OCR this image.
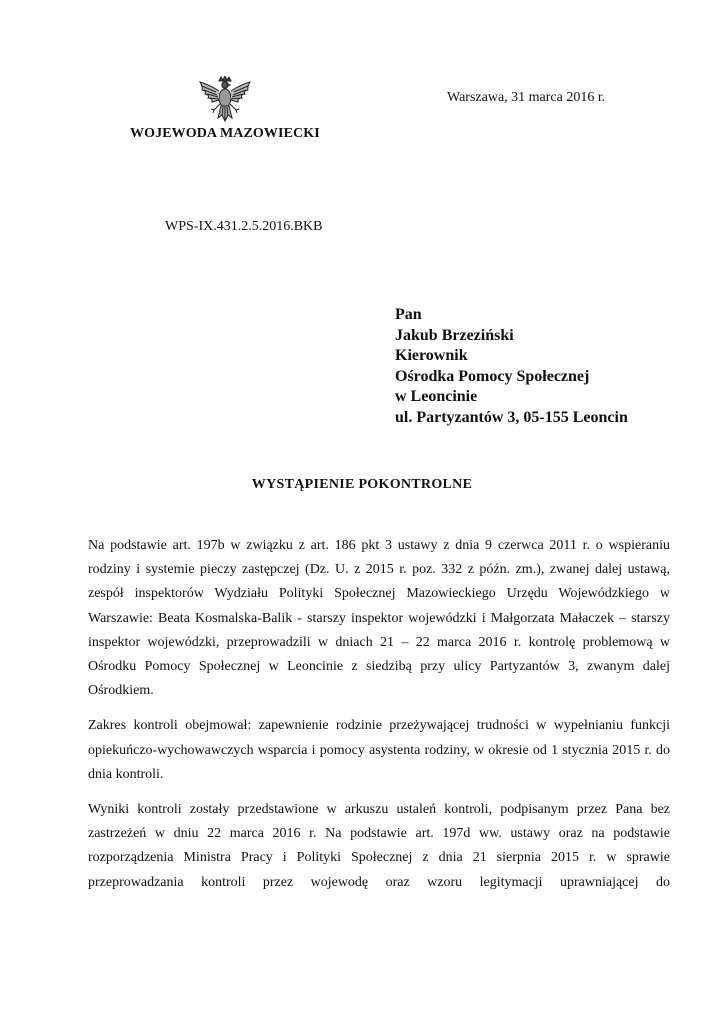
WOJEWODA MAZOWIECKI
Warszawa, 31 marca 2016 r.
WPS-IX.431.2.5.2016.BKB
Pan
Jakub Brzeziński
Kierownik
Ośrodka Pomocy Społecznej
w Leoncinie
ul. Partyzantów 3, 05-155 Leoncin
WYSTĄPIENIE POKONTROLNE

Na podstawie art. 197b w związku z art. 186 pkt 3 ustawy z dnia 9 czerwca 2011 r. o wspieraniu rodziny i systemie pieczy zastępczej (Dz. U. z 2015 r. poz. 332 z późn. zm.), zwanej dalej ustawą, zespół inspektorów Wydziału Polityki Społecznej Mazowieckiego Urzędu Wojewódzkiego w Warszawie: Beata Kosmalska-Balik - starszy inspektor wojewódzki i Małgorzata Małaczek – starszy inspektor wojewódzki, przeprowadzili w dniach 21 – 22 marca 2016 r. kontrolę problemową w Ośrodku Pomocy Społecznej w Leoncinie z siedzibą przy ulicy Partyzantów 3, zwanym dalej Ośrodkiem.

Zakres kontroli obejmował: zapewnienie rodzinie przeżywającej trudności w wypełnianiu funkcji opiekuńczo-wychowawczych wsparcia i pomocy asystenta rodziny, w okresie od 1 stycznia 2015 r. do dnia kontroli.

Wyniki kontroli zostały przedstawione w arkuszu ustaleń kontroli, podpisanym przez Pana bez zastrzeżeń w dniu 22 marca 2016 r. Na podstawie art. 197d ww. ustawy oraz na podstawie rozporządzenia Ministra Pracy i Polityki Społecznej z dnia 21 sierpnia 2015 r. w sprawie przeprowadzania kontroli przez wojewodę oraz wzoru legitymacji uprawniającej do
